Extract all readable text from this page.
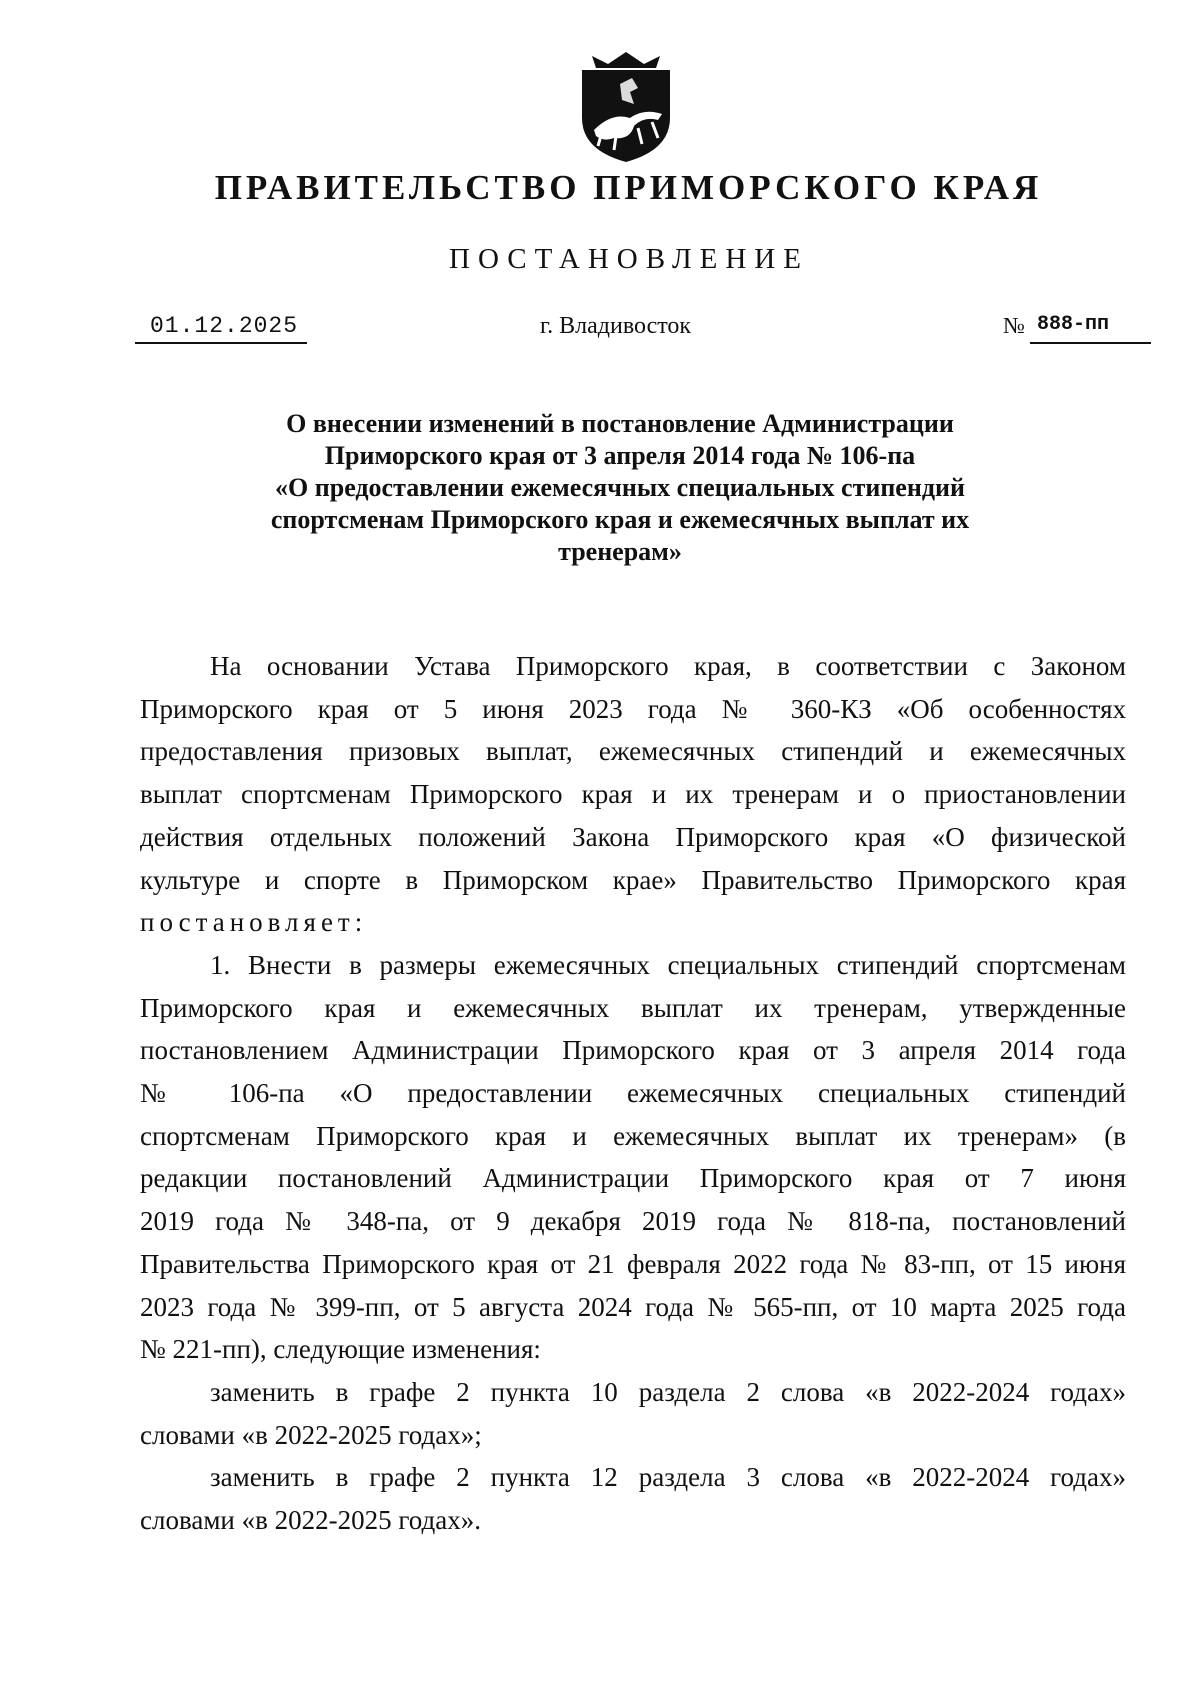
ПРАВИТЕЛЬСТВО ПРИМОРСКОГО КРАЯ
ПОСТАНОВЛЕНИЕ
01.12.2025	г. Владивосток	№ 888-пп
О внесении изменений в постановление Администрации
Приморского края от 3 апреля 2014 года № 106-па
«О предоставлении ежемесячных специальных стипендий
спортсменам Приморского края и ежемесячных выплат их
тренерам»
На основании Устава Приморского края, в соответствии с Законом
Приморского края от 5 июня 2023 года № 360-КЗ «Об особенностях
предоставления призовых выплат, ежемесячных стипендий и ежемесячных
выплат спортсменам Приморского края и их тренерам и о приостановлении
действия отдельных положений Закона Приморского края «О физической
культуре и спорте в Приморском крае» Правительство Приморского края
постановляет:
1. Внести в размеры ежемесячных специальных стипендий спортсменам
Приморского края и ежемесячных выплат их тренерам, утвержденные
постановлением Администрации Приморского края от 3 апреля 2014 года
№ 106-па «О предоставлении ежемесячных специальных стипендий
спортсменам Приморского края и ежемесячных выплат их тренерам» (в
редакции постановлений Администрации Приморского края от 7 июня
2019 года № 348-па, от 9 декабря 2019 года № 818-па, постановлений
Правительства Приморского края от 21 февраля 2022 года № 83-пп, от 15 июня
2023 года № 399-пп, от 5 августа 2024 года № 565-пп, от 10 марта 2025 года
№ 221-пп), следующие изменения:
заменить в графе 2 пункта 10 раздела 2 слова «в 2022-2024 годах»
словами «в 2022-2025 годах»;
заменить в графе 2 пункта 12 раздела 3 слова «в 2022-2024 годах»
словами «в 2022-2025 годах».
